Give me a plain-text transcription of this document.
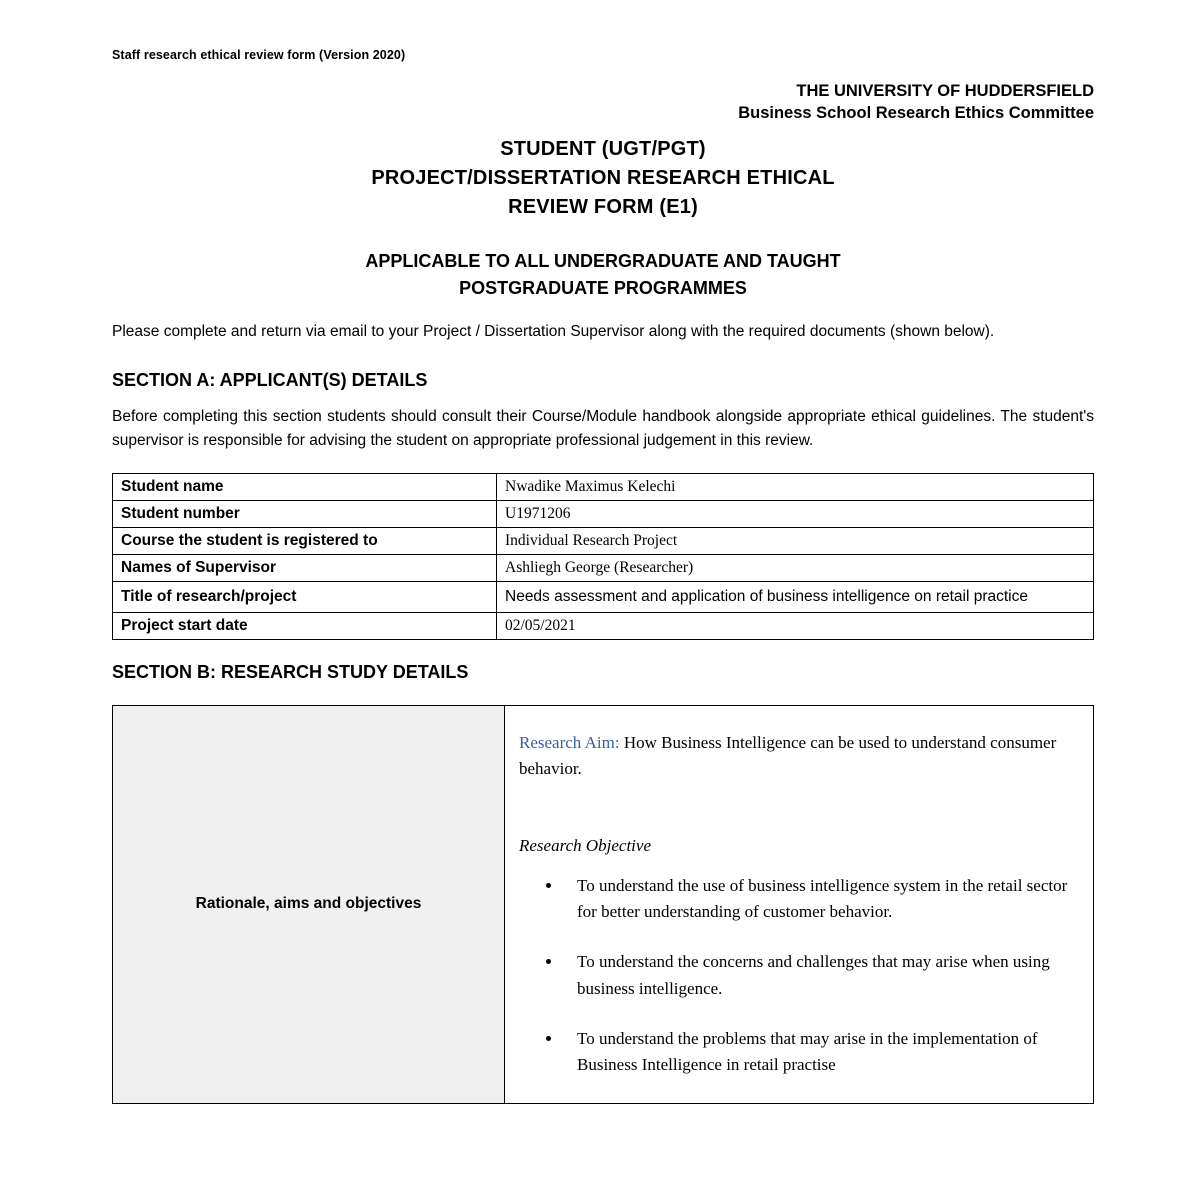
Staff research ethical review form (Version 2020)
THE UNIVERSITY OF HUDDERSFIELD
Business School Research Ethics Committee
STUDENT (UGT/PGT)
PROJECT/DISSERTATION RESEARCH ETHICAL
REVIEW FORM (E1)
APPLICABLE TO ALL UNDERGRADUATE AND TAUGHT
POSTGRADUATE PROGRAMMES

Please complete and return via email to your Project / Dissertation Supervisor along with the required documents (shown below).

SECTION A: APPLICANT(S) DETAILS

Before completing this section students should consult their Course/Module handbook alongside appropriate ethical guidelines. The student's supervisor is responsible for advising the student on appropriate professional judgement in this review.

Student name	Nwadike Maximus Kelechi
Student number	U1971206
Course the student is registered to	Individual Research Project
Names of Supervisor	Ashliegh George (Researcher)
Title of research/project	Needs assessment and application of business intelligence on retail practice
Project start date	02/05/2021
SECTION B: RESEARCH STUDY DETAILS
Rationale, aims and objectives	

Research Aim: How Business Intelligence can be used to understand consumer behavior.

Research Objective

• To understand the use of business intelligence system in the retail sector for better understanding of customer behavior.
• To understand the concerns and challenges that may arise when using business intelligence.
• To understand the problems that may arise in the implementation of Business Intelligence in retail practise
